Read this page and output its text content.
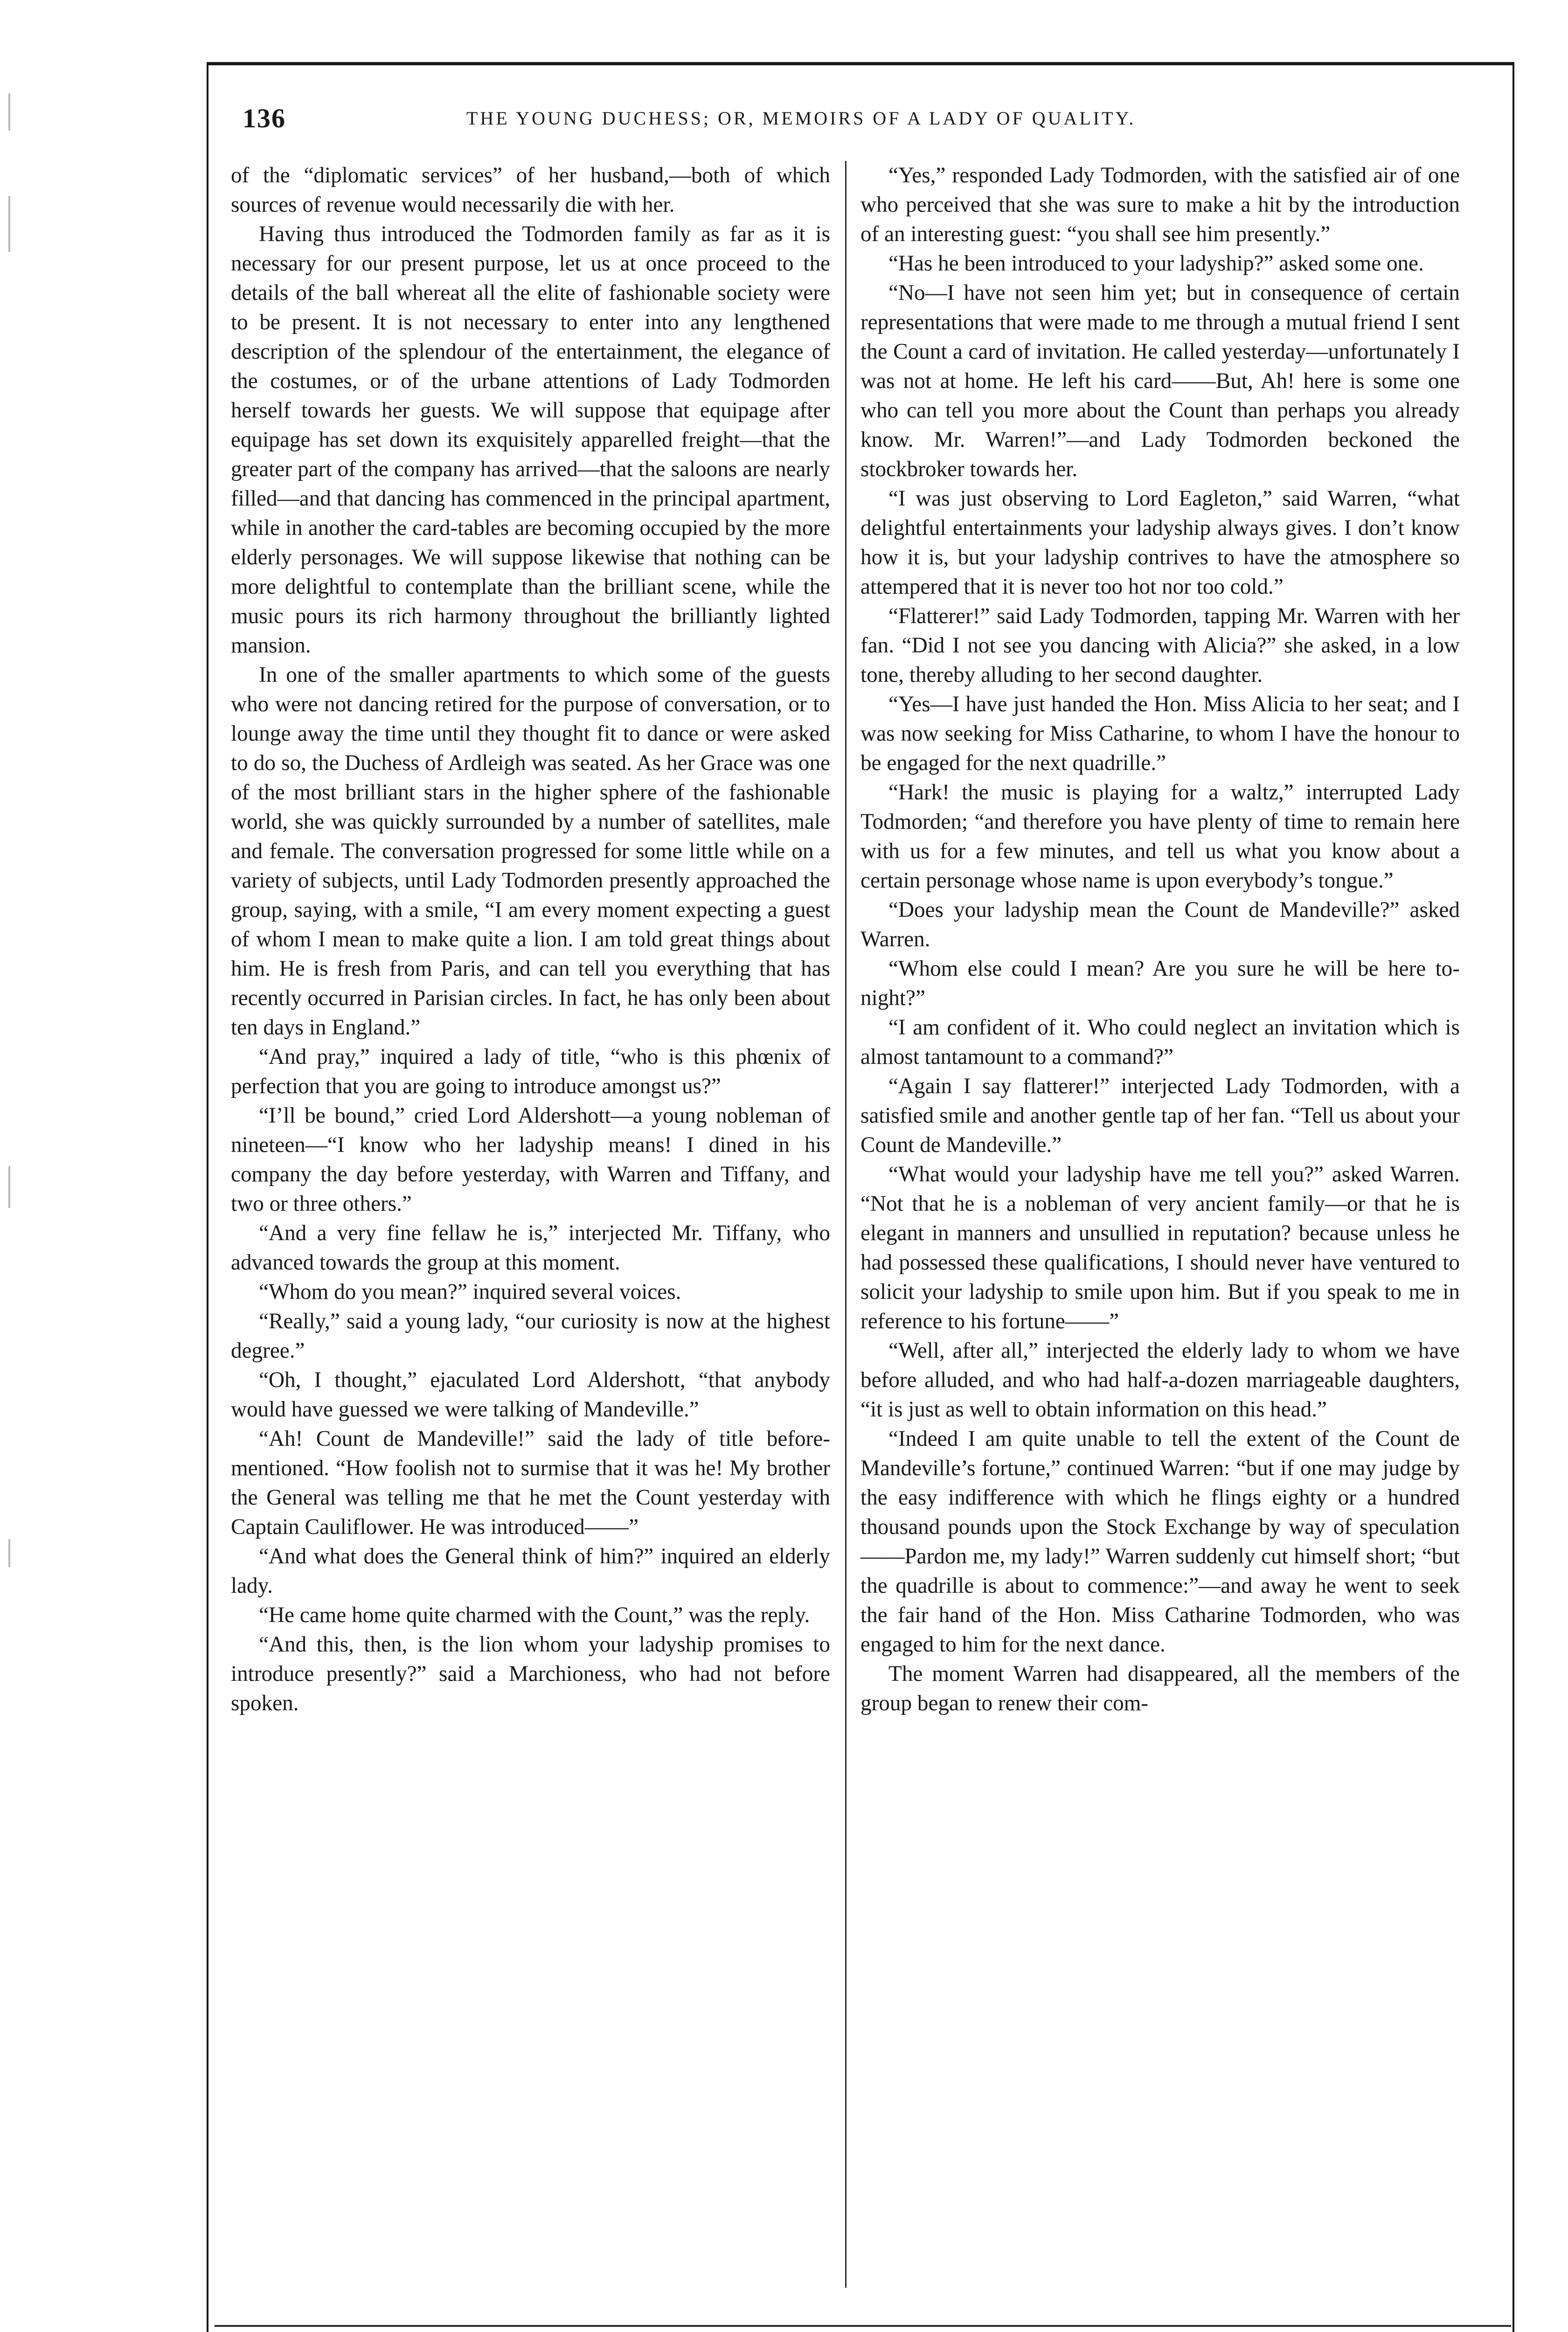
136	THE YOUNG DUCHESS; OR, MEMOIRS OF A LADY OF QUALITY.

of the “diplomatic services” of her husband,—both of which sources of revenue would necessarily die with her.

Having thus introduced the Todmorden family as far as it is necessary for our present purpose, let us at once proceed to the details of the ball whereat all the elite of fashionable society were to be present. It is not necessary to enter into any lengthened description of the splendour of the entertainment, the elegance of the costumes, or of the urbane attentions of Lady Todmorden herself towards her guests. We will suppose that equipage after equipage has set down its exquisitely apparelled freight—that the greater part of the company has arrived—that the saloons are nearly filled—and that dancing has commenced in the principal apartment, while in another the card-tables are becoming occupied by the more elderly personages. We will suppose likewise that nothing can be more delightful to contemplate than the brilliant scene, while the music pours its rich harmony throughout the brilliantly lighted mansion.

In one of the smaller apartments to which some of the guests who were not dancing retired for the purpose of conversation, or to lounge away the time until they thought fit to dance or were asked to do so, the Duchess of Ardleigh was seated. As her Grace was one of the most brilliant stars in the higher sphere of the fashionable world, she was quickly surrounded by a number of satellites, male and female. The conversation progressed for some little while on a variety of subjects, until Lady Todmorden presently approached the group, saying, with a smile, “I am every moment expecting a guest of whom I mean to make quite a lion. I am told great things about him. He is fresh from Paris, and can tell you everything that has recently occurred in Parisian circles. In fact, he has only been about ten days in England.”

“And pray,” inquired a lady of title, “who is this phœnix of perfection that you are going to introduce amongst us?”

“I’ll be bound,” cried Lord Aldershott—a young nobleman of nineteen—“I know who her ladyship means! I dined in his company the day before yesterday, with Warren and Tiffany, and two or three others.”

“And a very fine fellaw he is,” interjected Mr. Tiffany, who advanced towards the group at this moment.

“Whom do you mean?” inquired several voices.

“Really,” said a young lady, “our curiosity is now at the highest degree.”

“Oh, I thought,” ejaculated Lord Aldershott, “that anybody would have guessed we were talking of Mandeville.”

“Ah! Count de Mandeville!” said the lady of title before-mentioned. “How foolish not to surmise that it was he! My brother the General was telling me that he met the Count yesterday with Captain Cauliflower. He was introduced——”

“And what does the General think of him?” inquired an elderly lady.

“He came home quite charmed with the Count,” was the reply.

“And this, then, is the lion whom your ladyship promises to introduce presently?” said a Marchioness, who had not before spoken.

“Yes,” responded Lady Todmorden, with the satisfied air of one who perceived that she was sure to make a hit by the introduction of an interesting guest: “you shall see him presently.”

“Has he been introduced to your ladyship?” asked some one.

“No—I have not seen him yet; but in consequence of certain representations that were made to me through a mutual friend I sent the Count a card of invitation. He called yesterday—unfortunately I was not at home. He left his card——But, Ah! here is some one who can tell you more about the Count than perhaps you already know. Mr. Warren!”—and Lady Todmorden beckoned the stockbroker towards her.

“I was just observing to Lord Eagleton,” said Warren, “what delightful entertainments your ladyship always gives. I don’t know how it is, but your ladyship contrives to have the atmosphere so attempered that it is never too hot nor too cold.”

“Flatterer!” said Lady Todmorden, tapping Mr. Warren with her fan. “Did I not see you dancing with Alicia?” she asked, in a low tone, thereby alluding to her second daughter.

“Yes—I have just handed the Hon. Miss Alicia to her seat; and I was now seeking for Miss Catharine, to whom I have the honour to be engaged for the next quadrille.”

“Hark! the music is playing for a waltz,” interrupted Lady Todmorden; “and therefore you have plenty of time to remain here with us for a few minutes, and tell us what you know about a certain personage whose name is upon everybody’s tongue.”

“Does your ladyship mean the Count de Mandeville?” asked Warren.

“Whom else could I mean? Are you sure he will be here to-night?”

“I am confident of it. Who could neglect an invitation which is almost tantamount to a command?”

“Again I say flatterer!” interjected Lady Todmorden, with a satisfied smile and another gentle tap of her fan. “Tell us about your Count de Mandeville.”

“What would your ladyship have me tell you?” asked Warren. “Not that he is a nobleman of very ancient family—or that he is elegant in manners and unsullied in reputation? because unless he had possessed these qualifications, I should never have ventured to solicit your ladyship to smile upon him. But if you speak to me in reference to his fortune——”

“Well, after all,” interjected the elderly lady to whom we have before alluded, and who had half-a-dozen marriageable daughters, “it is just as well to obtain information on this head.”

“Indeed I am quite unable to tell the extent of the Count de Mandeville’s fortune,” continued Warren: “but if one may judge by the easy indifference with which he flings eighty or a hundred thousand pounds upon the Stock Exchange by way of speculation——Pardon me, my lady!” Warren suddenly cut himself short; “but the quadrille is about to commence:”—and away he went to seek the fair hand of the Hon. Miss Catharine Todmorden, who was engaged to him for the next dance.

The moment Warren had disappeared, all the members of the group began to renew their com-
